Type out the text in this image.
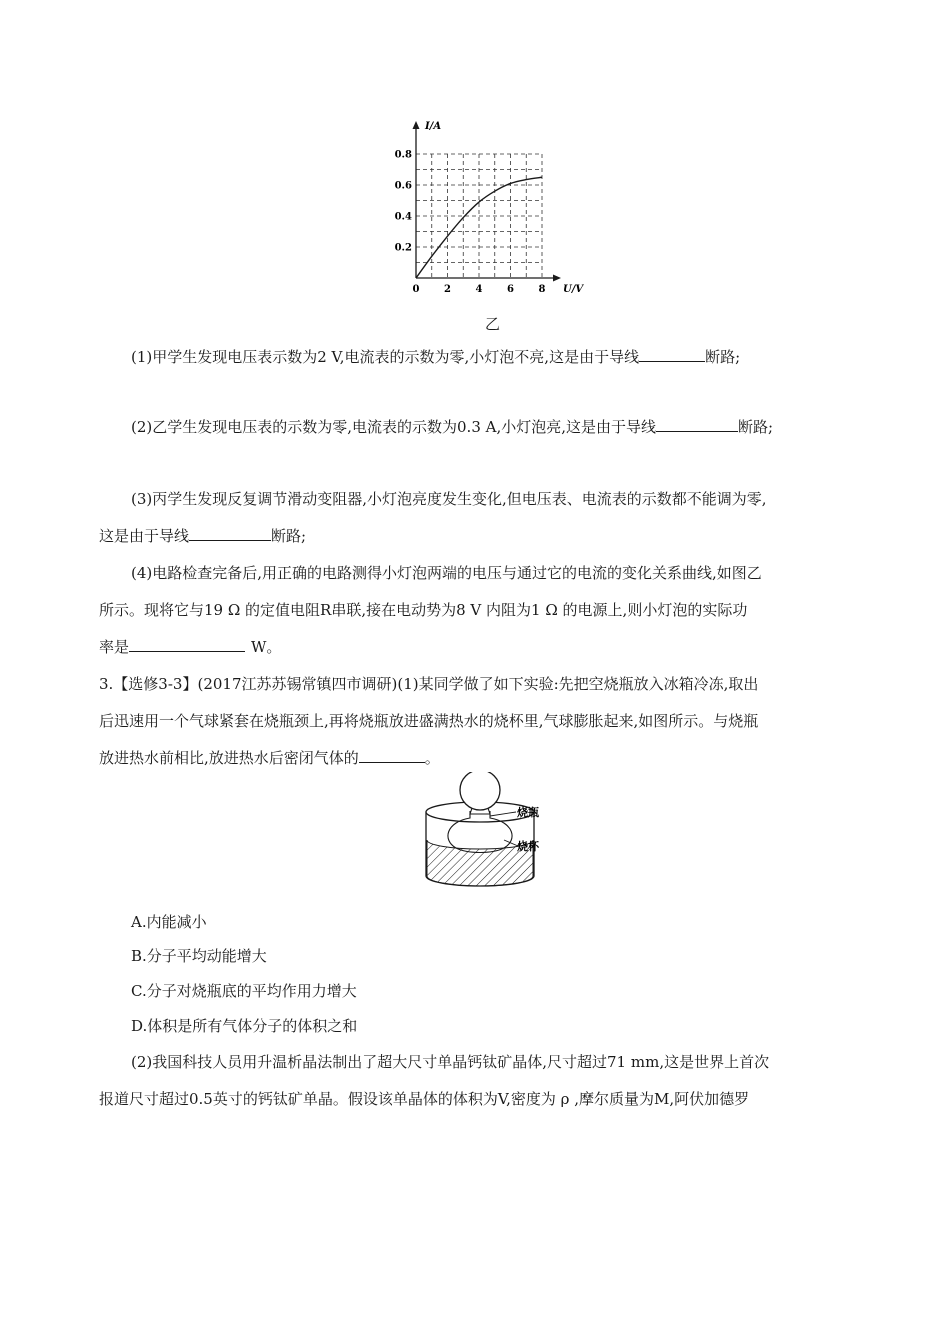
0 2 4 6 8
0.2
0.4
0.6
0.8
I/A
U/V
乙
(1)甲学生发现电压表示数为2 V,电流表的示数为零,小灯泡不亮,这是由于导线	断路;
(2)乙学生发现电压表的示数为零,电流表的示数为0.3 A,小灯泡亮,这是由于导线	断路;
(3)丙学生发现反复调节滑动变阻器,小灯泡亮度发生变化,但电压表、电流表的示数都不能调为零,
这是由于导线	断路;
(4)电路检查完备后,用正确的电路测得小灯泡两端的电压与通过它的电流的变化关系曲线,如图乙
所示。现将它与19 Ω 的定值电阻R串联,接在电动势为8 V 内阻为1 Ω 的电源上,则小灯泡的实际功
率是	W。
3.【选修3-3】(2017江苏苏锡常镇四市调研)(1)某同学做了如下实验:先把空烧瓶放入冰箱冷冻,取出
后迅速用一个气球紧套在烧瓶颈上,再将烧瓶放进盛满热水的烧杯里,气球膨胀起来,如图所示。与烧瓶
放进热水前相比,放进热水后密闭气体的	。
烧瓶
烧杯
A.内能减小
B.分子平均动能增大
C.分子对烧瓶底的平均作用力增大
D.体积是所有气体分子的体积之和
(2)我国科技人员用升温析晶法制出了超大尺寸单晶钙钛矿晶体,尺寸超过71 mm,这是世界上首次
报道尺寸超过0.5英寸的钙钛矿单晶。假设该单晶体的体积为V,密度为 ρ ,摩尔质量为M,阿伏加德罗
